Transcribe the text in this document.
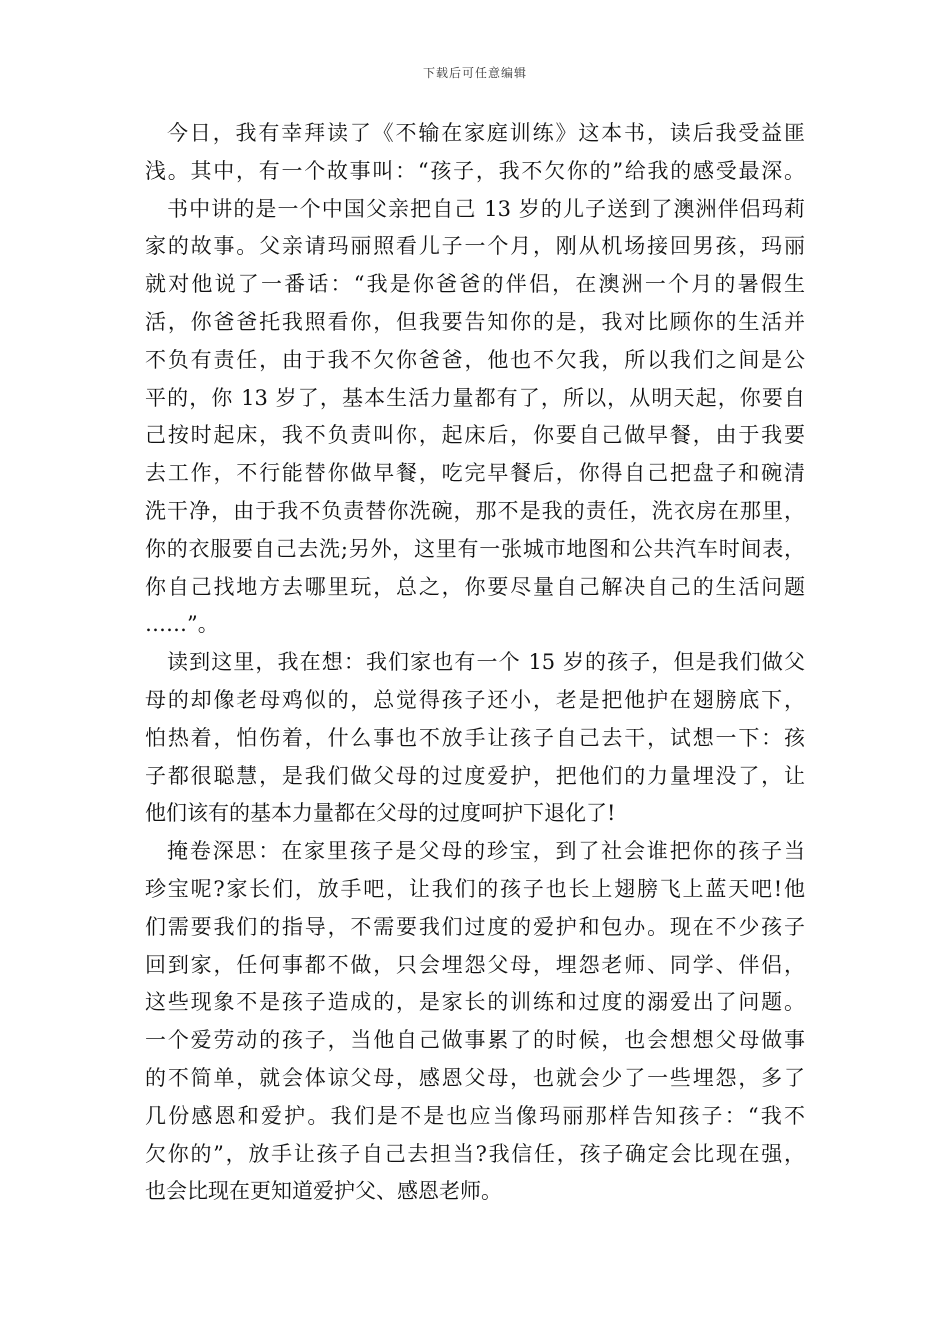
下载后可任意编辑
今日，我有幸拜读了《不输在家庭训练》这本书，读后我受益匪
浅。其中，有一个故事叫：“孩子，我不欠你的”给我的感受最深。
书中讲的是一个中国父亲把自己 13 岁的儿子送到了澳洲伴侣玛莉
家的故事。父亲请玛丽照看儿子一个月，刚从机场接回男孩，玛丽
就对他说了一番话：“我是你爸爸的伴侣，在澳洲一个月的暑假生
活，你爸爸托我照看你，但我要告知你的是，我对比顾你的生活并
不负有责任，由于我不欠你爸爸，他也不欠我，所以我们之间是公
平的，你 13 岁了，基本生活力量都有了，所以，从明天起，你要自
己按时起床，我不负责叫你，起床后，你要自己做早餐，由于我要
去工作，不行能替你做早餐，吃完早餐后，你得自己把盘子和碗清
洗干净，由于我不负责替你洗碗，那不是我的责任，洗衣房在那里，
你的衣服要自己去洗;另外，这里有一张城市地图和公共汽车时间表，
你自己找地方去哪里玩，总之，你要尽量自己解决自己的生活问题
……”。
读到这里，我在想：我们家也有一个 15 岁的孩子，但是我们做父
母的却像老母鸡似的，总觉得孩子还小，老是把他护在翅膀底下，
怕热着，怕伤着，什么事也不放手让孩子自己去干，试想一下：孩
子都很聪慧，是我们做父母的过度爱护，把他们的力量埋没了，让
他们该有的基本力量都在父母的过度呵护下退化了!
掩卷深思：在家里孩子是父母的珍宝，到了社会谁把你的孩子当
珍宝呢?家长们，放手吧，让我们的孩子也长上翅膀飞上蓝天吧!他
们需要我们的指导，不需要我们过度的爱护和包办。现在不少孩子
回到家，任何事都不做，只会埋怨父母，埋怨老师、同学、伴侣，
这些现象不是孩子造成的，是家长的训练和过度的溺爱出了问题。
一个爱劳动的孩子，当他自己做事累了的时候，也会想想父母做事
的不简单，就会体谅父母，感恩父母，也就会少了一些埋怨，多了
几份感恩和爱护。我们是不是也应当像玛丽那样告知孩子：“我不
欠你的”，放手让孩子自己去担当?我信任，孩子确定会比现在强，
也会比现在更知道爱护父、感恩老师。
